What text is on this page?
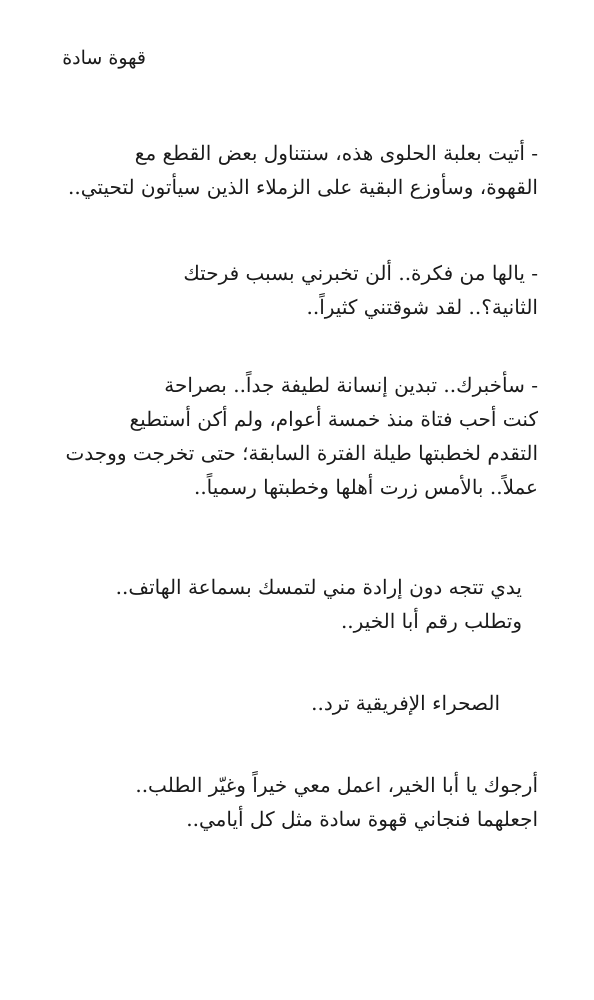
قهوة سادة
- أتيت بعلبة الحلوى هذه، سنتناول بعض القطع مع
القهوة، وسأوزع البقية على الزملاء الذين سيأتون لتحيتي..
- يالها من فكرة.. ألن تخبرني بسبب فرحتك
الثانية؟.. لقد شوقتني كثيراً..
- سأخبرك.. تبدين إنسانة لطيفة جداً.. بصراحة
كنت أحب فتاة منذ خمسة أعوام، ولم أكن أستطيع
التقدم لخطبتها طيلة الفترة السابقة؛ حتى تخرجت ووجدت
عملاً.. بالأمس زرت أهلها وخطبتها رسمياً..
يدي تتجه دون إرادة مني لتمسك بسماعة الهاتف..
وتطلب رقم أبا الخير..
الصحراء الإفريقية ترد..
أرجوك يا أبا الخير، اعمل معي خيراً وغيّر الطلب..
اجعلهما فنجاني قهوة سادة مثل كل أيامي..
